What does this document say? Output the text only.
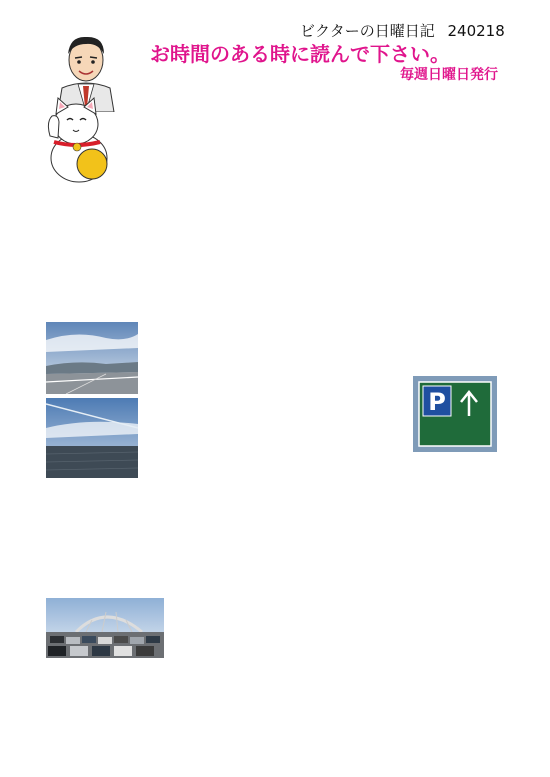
ビクターの日曜日記 240218
お時間のある時に読んで下さい。
毎週日曜日発行
P
